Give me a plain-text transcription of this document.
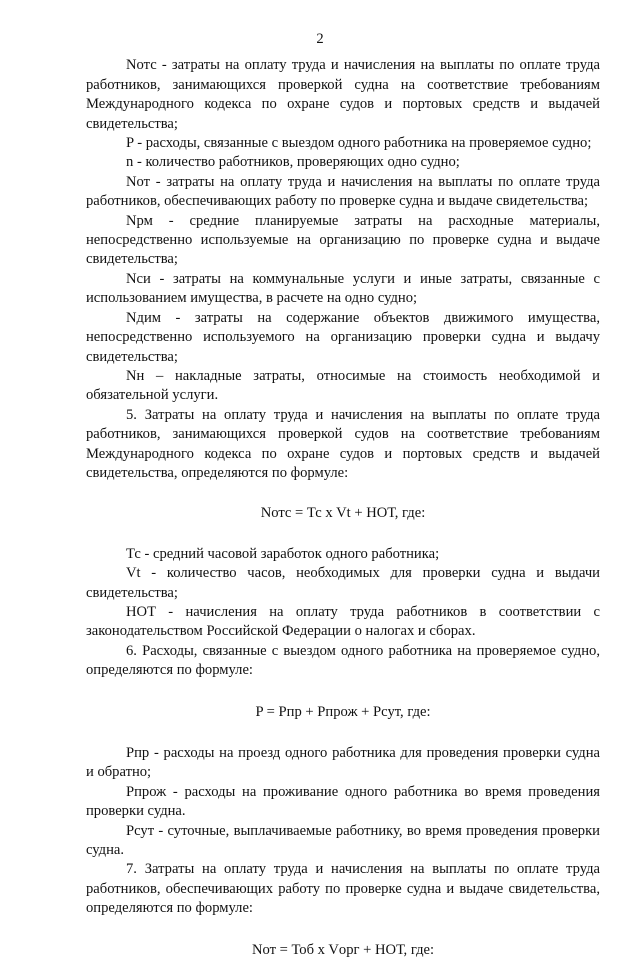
2

Nотс - затраты на оплату труда и начисления на выплаты по оплате труда работников, занимающихся проверкой судна на соответствие требованиям Международного кодекса по охране судов и портовых средств и выдачей свидетельства;

P - расходы, связанные с выездом одного работника на проверяемое судно;

n - количество работников, проверяющих одно судно;

Nот - затраты на оплату труда и начисления на выплаты по оплате труда работников, обеспечивающих работу по проверке судна и выдаче свидетельства;

Nрм - средние планируемые затраты на расходные материалы, непосредственно используемые на организацию по проверке судна и выдаче свидетельства;

Nси - затраты на коммунальные услуги и иные затраты, связанные с использованием имущества, в расчете на одно судно;

Nдим - затраты на содержание объектов движимого имущества, непосредственно используемого на организацию проверки судна и выдачу свидетельства;

Nн – накладные затраты, относимые на стоимость необходимой и обязательной услуги.

5. Затраты на оплату труда и начисления на выплаты по оплате труда работников, занимающихся проверкой судов на соответствие требованиям Международного кодекса по охране судов и портовых средств и выдачей свидетельства, определяются по формуле:

Nотс = Тс x Vt + НОТ, где:

Тс - средний часовой заработок одного работника;

Vt - количество часов, необходимых для проверки судна и выдачи свидетельства;

НОТ - начисления на оплату труда работников в соответствии с законодательством Российской Федерации о налогах и сборах.

6. Расходы, связанные с выездом одного работника на проверяемое судно, определяются по формуле:

P = Рпр + Рпрож + Рсут, где:

Рпр - расходы на проезд одного работника для проведения проверки судна и обратно;

Рпрож - расходы на проживание одного работника во время проведения проверки судна.

Рсут - суточные, выплачиваемые работнику, во время проведения проверки судна.

7. Затраты на оплату труда и начисления на выплаты по оплате труда работников, обеспечивающих работу по проверке судна и выдаче свидетельства, определяются по формуле:

Nот = Тоб x Vорг + НОТ, где:
